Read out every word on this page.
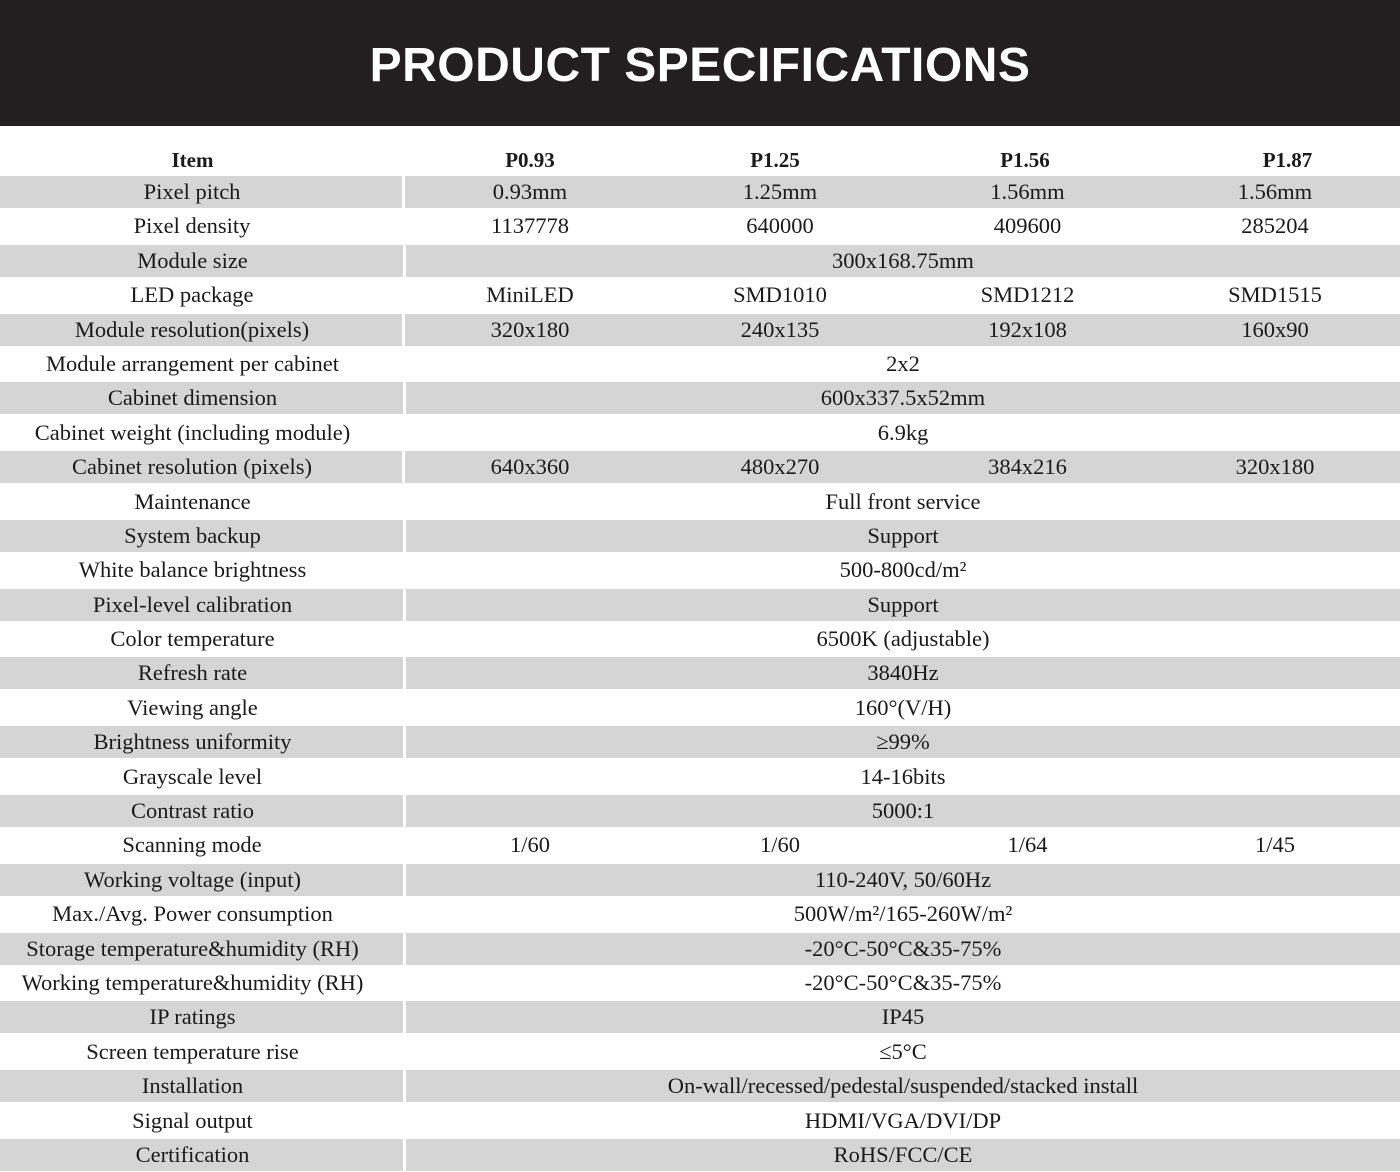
PRODUCT SPECIFICATIONS
Item	P0.93	P1.25	P1.56	P1.87
Pixel pitch	0.93mm	1.25mm	1.56mm	1.56mm
Pixel density	1137778	640000	409600	285204
Module size	300x168.75mm
LED package	MiniLED	SMD1010	SMD1212	SMD1515
Module resolution(pixels)	320x180	240x135	192x108	160x90
Module arrangement per cabinet	2x2
Cabinet dimension	600x337.5x52mm
Cabinet weight (including module)	6.9kg
Cabinet resolution (pixels)	640x360	480x270	384x216	320x180
Maintenance	Full front service
System backup	Support
White balance brightness	500-800cd/m²
Pixel-level calibration	Support
Color temperature	6500K (adjustable)
Refresh rate	3840Hz
Viewing angle	160°(V/H)
Brightness uniformity	≥99%
Grayscale level	14-16bits
Contrast ratio	5000:1
Scanning mode	1/60	1/60	1/64	1/45
Working voltage (input)	110-240V, 50/60Hz
Max./Avg. Power consumption	500W/m²/165-260W/m²
Storage temperature&humidity (RH)	-20°C-50°C&35-75%
Working temperature&humidity (RH)	-20°C-50°C&35-75%
IP ratings	IP45
Screen temperature rise	≤5°C
Installation	On-wall/recessed/pedestal/suspended/stacked install
Signal output	HDMI/VGA/DVI/DP
Certification	RoHS/FCC/CE
